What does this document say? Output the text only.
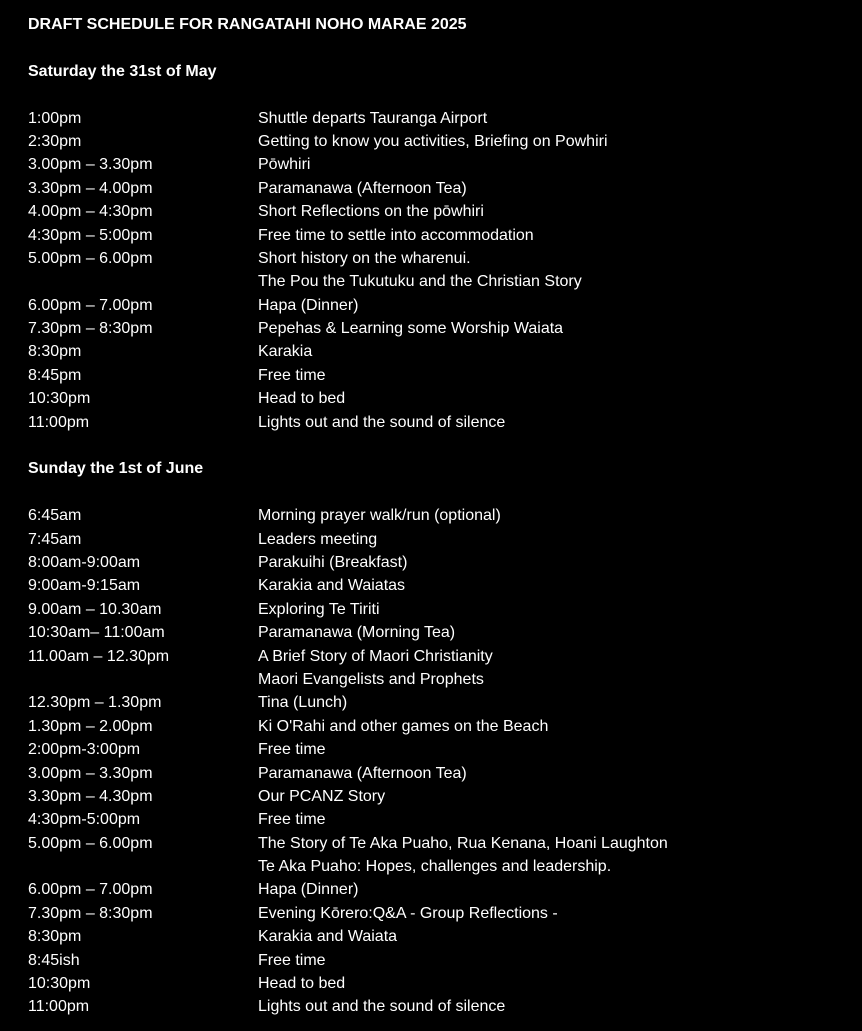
DRAFT SCHEDULE FOR RANGATAHI NOHO MARAE 2025
Saturday the 31st of May
1:00pm	Shuttle departs Tauranga Airport
2:30pm	Getting to know you activities, Briefing on Powhiri
3.00pm – 3.30pm	Pōwhiri
3.30pm – 4.00pm	Paramanawa (Afternoon Tea)
4.00pm – 4:30pm	Short Reflections on the pōwhiri
4:30pm – 5:00pm	Free time to settle into accommodation
5.00pm – 6.00pm	Short history on the wharenui.
The Pou the Tukutuku and the Christian Story
6.00pm – 7.00pm	Hapa (Dinner)
7.30pm – 8:30pm	Pepehas & Learning some Worship Waiata
8:30pm	Karakia
8:45pm	Free time
10:30pm	Head to bed
11:00pm	Lights out and the sound of silence
Sunday the 1st of June
6:45am	Morning prayer walk/run (optional)
7:45am	Leaders meeting
8:00am-9:00am	Parakuihi (Breakfast)
9:00am-9:15am	Karakia and Waiatas
9.00am – 10.30am	Exploring Te Tiriti
10:30am– 11:00am	Paramanawa (Morning Tea)
11.00am – 12.30pm	A Brief Story of Maori Christianity
Maori Evangelists and Prophets
12.30pm – 1.30pm	Tina (Lunch)
1.30pm – 2.00pm	Ki O'Rahi and other games on the Beach
2:00pm-3:00pm	Free time
3.00pm – 3.30pm	Paramanawa (Afternoon Tea)
3.30pm – 4.30pm	Our PCANZ Story
4:30pm-5:00pm	Free time
5.00pm – 6.00pm	The Story of Te Aka Puaho, Rua Kenana, Hoani Laughton
Te Aka Puaho: Hopes, challenges and leadership.
6.00pm – 7.00pm	Hapa (Dinner)
7.30pm – 8:30pm	Evening Kōrero:Q&A - Group Reflections -
8:30pm	Karakia and Waiata
8:45ish	Free time
10:30pm	Head to bed
11:00pm	Lights out and the sound of silence
